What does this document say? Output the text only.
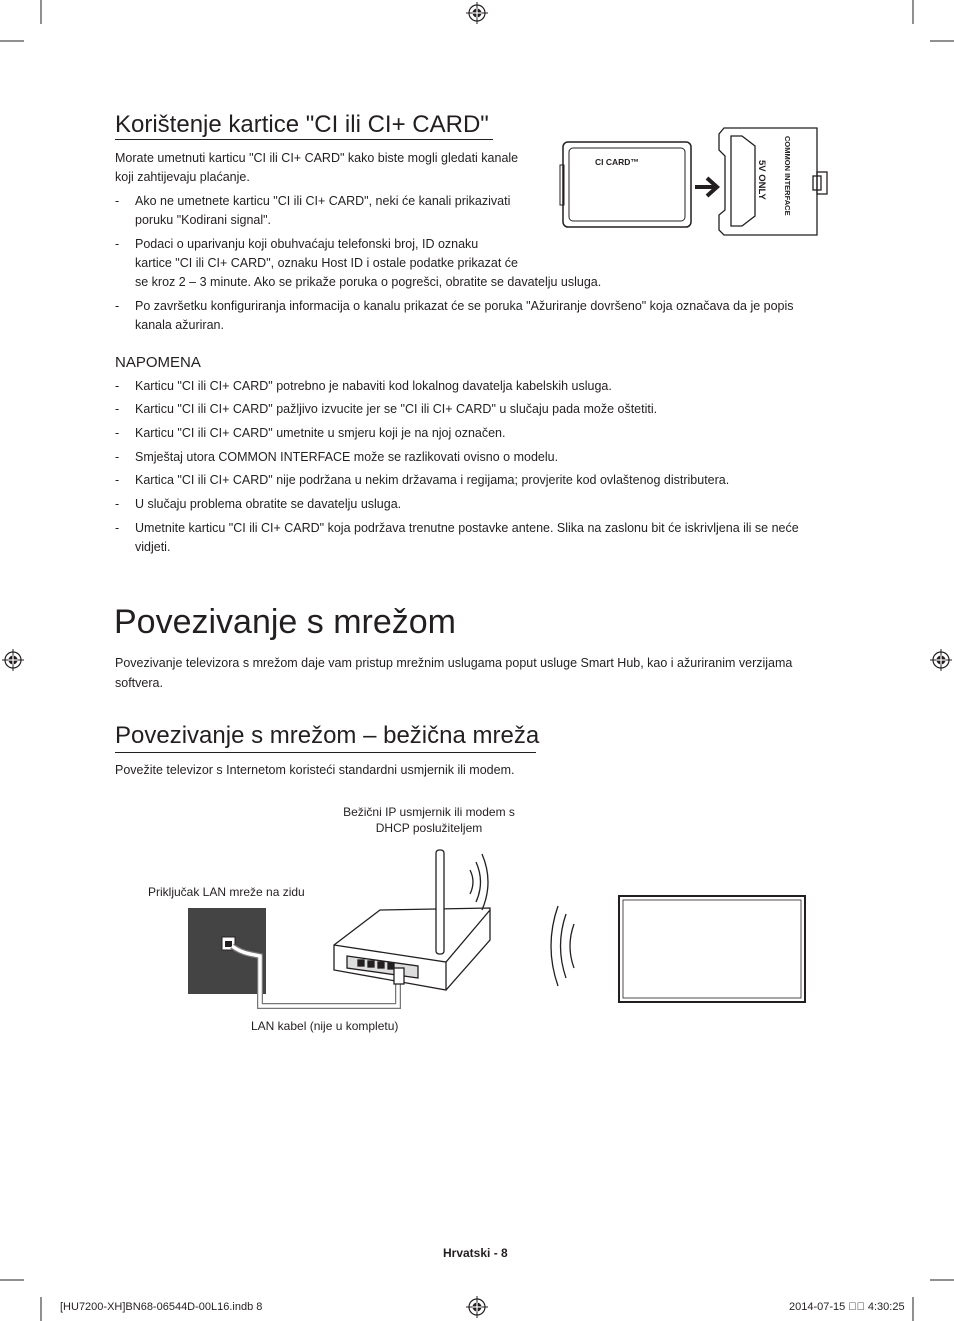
Korištenje kartice "CI ili CI+ CARD"
Morate umetnuti karticu "CI ili CI+ CARD" kako biste mogli gledati kanale
koji zahtijevaju plaćanje.
- Ako ne umetnete karticu "CI ili CI+ CARD", neki će kanali prikazivati
poruku "Kodirani signal".
- Podaci o uparivanju koji obuhvaćaju telefonski broj, ID oznaku
kartice "CI ili CI+ CARD", oznaku Host ID i ostale podatke prikazat će
se kroz 2 – 3 minute. Ako se prikaže poruka o pogrešci, obratite se davatelju usluga.
- Po završetku konfiguriranja informacija o kanalu prikazat će se poruka "Ažuriranje dovršeno" koja označava da je popis
kanala ažuriran.
CI CARD™	COMMON INTERFACE
5V ONLY
NAPOMENA
- Karticu "CI ili CI+ CARD" potrebno je nabaviti kod lokalnog davatelja kabelskih usluga.
- Karticu "CI ili CI+ CARD" pažljivo izvucite jer se "CI ili CI+ CARD" u slučaju pada može oštetiti.
- Karticu "CI ili CI+ CARD" umetnite u smjeru koji je na njoj označen.
- Smještaj utora COMMON INTERFACE može se razlikovati ovisno o modelu.
- Kartica "CI ili CI+ CARD" nije podržana u nekim državama i regijama; provjerite kod ovlaštenog distributera.
- U slučaju problema obratite se davatelju usluga.
- Umetnite karticu "CI ili CI+ CARD" koja podržava trenutne postavke antene. Slika na zaslonu bit će iskrivljena ili se neće
vidjeti.
Povezivanje s mrežom
Povezivanje televizora s mrežom daje vam pristup mrežnim uslugama poput usluge Smart Hub, kao i ažuriranim verzijama
softvera.
Povezivanje s mrežom – bežična mreža
Povežite televizor s Internetom koristeći standardni usmjernik ili modem.
Bežični IP usmjernik ili modem s
DHCP poslužiteljem
Priključak LAN mreže na zidu
LAN kabel (nije u kompletu)
Hrvatski - 8
[HU7200-XH]BN68-06544D-00L16.indb 8	2014-07-15 ￿￿ 4:30:25
